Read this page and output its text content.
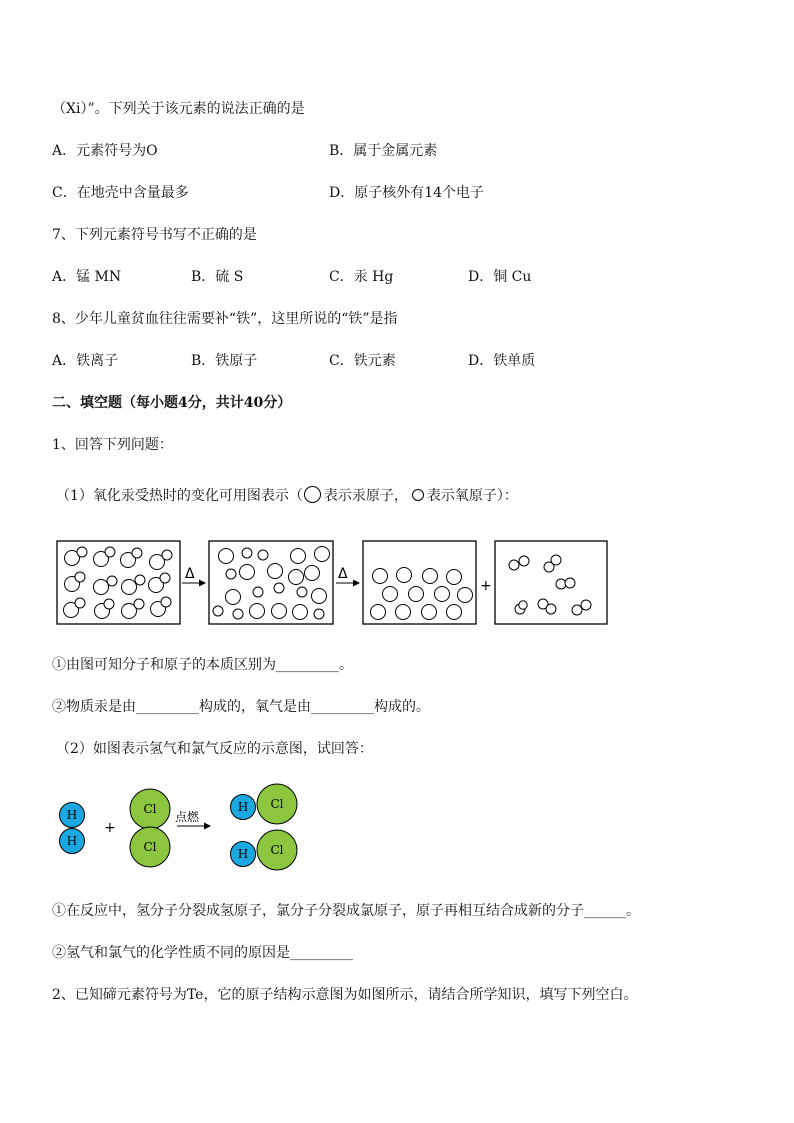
（Xi）”。下列关于该元素的说法正确的是
A．元素符号为O	B．属于金属元素
C．在地壳中含量最多	D．原子核外有14个电子
7、下列元素符号书写不正确的是
A．锰 MN	B．硫 S	C．汞 Hg	D．铜 Cu
8、少年儿童贫血往往需要补“铁”，这里所说的“铁”是指
A．铁离子	B．铁原子	C．铁元素	D．铁单质
二、填空题（每小题4分，共计40分）
1、回答下列问题：
（1）氧化汞受热时的变化可用图表示（ 表示汞原子， 表示氧原子）：
Δ	Δ
+
①由图可知分子和原子的本质区别为_________。
②物质汞是由_________构成的，氧气是由_________构成的。
（2）如图表示氢气和氯气反应的示意图，试回答：
H
H
+
Cl
Cl
点燃
H Cl
H Cl
①在反应中，氢分子分裂成氢原子，氯分子分裂成氯原子，原子再相互结合成新的分子______。
②氢气和氯气的化学性质不同的原因是_________
2、已知碲元素符号为Te，它的原子结构示意图为如图所示，请结合所学知识，填写下列空白。
